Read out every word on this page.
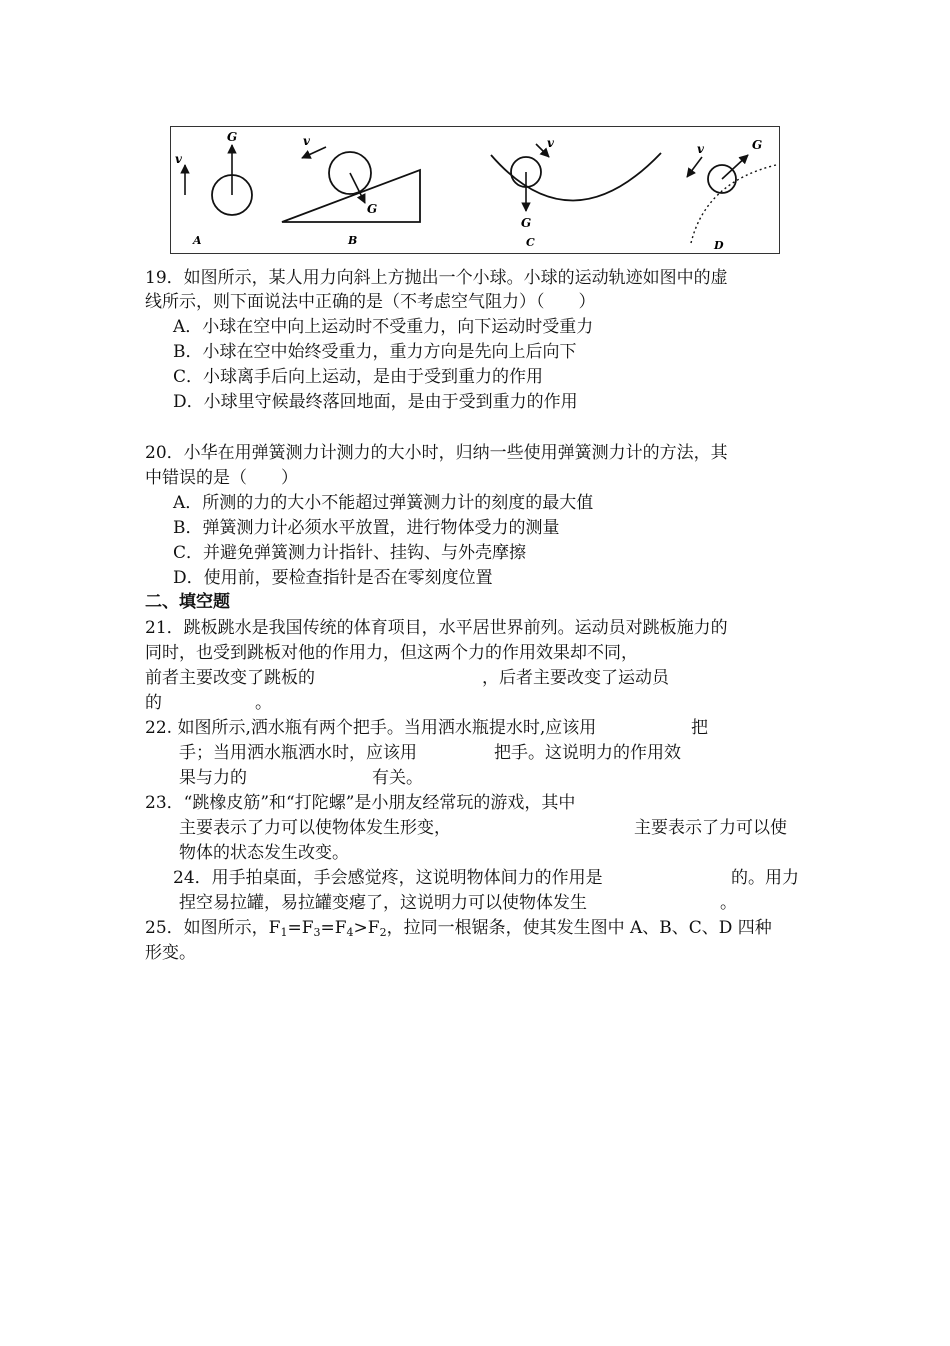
v
G
A
G
v
B
G
v
C
G
v
D
19．如图所示，某人用力向斜上方抛出一个小球。小球的运动轨迹如图中的虚
线所示，则下面说法中正确的是（不考虑空气阻力）（　　）
A．小球在空中向上运动时不受重力，向下运动时受重力
B．小球在空中始终受重力，重力方向是先向上后向下
C．小球离手后向上运动，是由于受到重力的作用
D．小球里守候最终落回地面，是由于受到重力的作用
20．小华在用弹簧测力计测力的大小时，归纳一些使用弹簧测力计的方法，其
中错误的是（　　）
A．所测的力的大小不能超过弹簧测力计的刻度的最大值
B．弹簧测力计必须水平放置，进行物体受力的测量
C．并避免弹簧测力计指针、挂钩、与外壳摩擦
D．使用前，要检查指针是否在零刻度位置
二、填空题
21．跳板跳水是我国传统的体育项目，水平居世界前列。运动员对跳板施力的
同时，也受到跳板对他的作用力，但这两个力的作用效果却不同，
前者主要改变了跳板的	，后者主要改变了运动员
的	。
22. 如图所示,洒水瓶有两个把手。当用洒水瓶提水时,应该用	把
手；当用洒水瓶洒水时，应该用	把手。这说明力的作用效
果与力的	有关。
23．“跳橡皮筋”和“打陀螺”是小朋友经常玩的游戏，其中
主要表示了力可以使物体发生形变，	主要表示了力可以使
物体的状态发生改变。
24．用手拍桌面，手会感觉疼，这说明物体间力的作用是	的。用力
捏空易拉罐，易拉罐变瘪了，这说明力可以使物体发生	。
25．如图所示，$F_1=F_3=F_4>F_2$，拉同一根锯条，使其发生图中 A、B、C、D 四种
形变。
